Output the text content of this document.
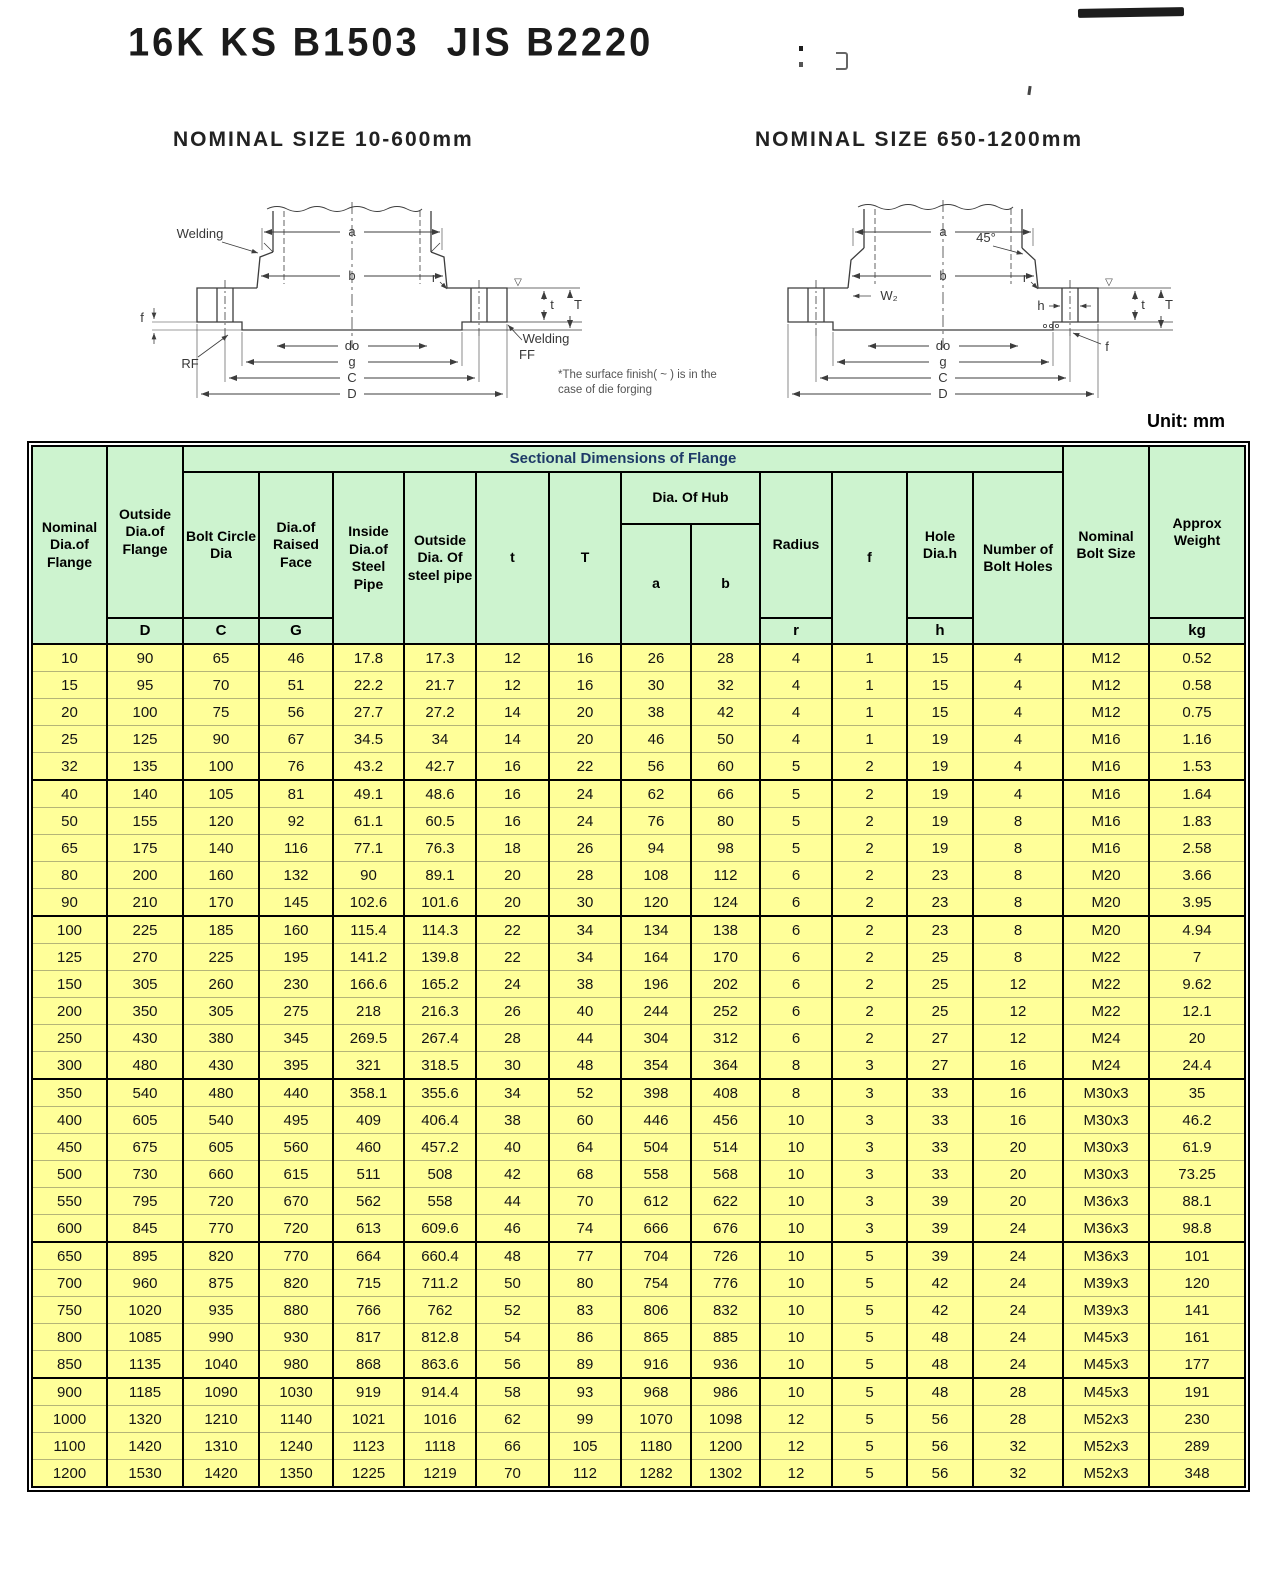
16K KS B1503  JIS B2220
NOMINAL SIZE 10-600mm	NOMINAL SIZE 650-1200mm
Welding	a
b
do
g
C
D
f
RF
r
t T
FF
Welding
▽
45°
a
b
W₂
h
do
g
C
D
f
r
t T
▽
*The surface finish( ~ ) is in the case of die forging
Unit: mm
Nominal Dia.of Flange	Outside Dia.of Flange	Sectional Dimensions of Flange												Nominal Bolt Size	Approx Weight
		Bolt Circle Dia	Dia.of Raised Face	Inside Dia.of Steel Pipe	Outside Dia. Of steel pipe	t	T	Dia. Of Hub		Radius	f	Hole Dia.h	Number of Bolt Holes		
								a	b						
	D	C	G							r		h			kg
10	90	65	46	17.8	17.3	12	16	26	28	4	1	15	4	M12	0.52
15	95	70	51	22.2	21.7	12	16	30	32	4	1	15	4	M12	0.58
20	100	75	56	27.7	27.2	14	20	38	42	4	1	15	4	M12	0.75
25	125	90	67	34.5	34	14	20	46	50	4	1	19	4	M16	1.16
32	135	100	76	43.2	42.7	16	22	56	60	5	2	19	4	M16	1.53
40	140	105	81	49.1	48.6	16	24	62	66	5	2	19	4	M16	1.64
50	155	120	92	61.1	60.5	16	24	76	80	5	2	19	8	M16	1.83
65	175	140	116	77.1	76.3	18	26	94	98	5	2	19	8	M16	2.58
80	200	160	132	90	89.1	20	28	108	112	6	2	23	8	M20	3.66
90	210	170	145	102.6	101.6	20	30	120	124	6	2	23	8	M20	3.95
100	225	185	160	115.4	114.3	22	34	134	138	6	2	23	8	M20	4.94
125	270	225	195	141.2	139.8	22	34	164	170	6	2	25	8	M22	7
150	305	260	230	166.6	165.2	24	38	196	202	6	2	25	12	M22	9.62
200	350	305	275	218	216.3	26	40	244	252	6	2	25	12	M22	12.1
250	430	380	345	269.5	267.4	28	44	304	312	6	2	27	12	M24	20
300	480	430	395	321	318.5	30	48	354	364	8	3	27	16	M24	24.4
350	540	480	440	358.1	355.6	34	52	398	408	8	3	33	16	M30x3	35
400	605	540	495	409	406.4	38	60	446	456	10	3	33	16	M30x3	46.2
450	675	605	560	460	457.2	40	64	504	514	10	3	33	20	M30x3	61.9
500	730	660	615	511	508	42	68	558	568	10	3	33	20	M30x3	73.25
550	795	720	670	562	558	44	70	612	622	10	3	39	20	M36x3	88.1
600	845	770	720	613	609.6	46	74	666	676	10	3	39	24	M36x3	98.8
650	895	820	770	664	660.4	48	77	704	726	10	5	39	24	M36x3	101
700	960	875	820	715	711.2	50	80	754	776	10	5	42	24	M39x3	120
750	1020	935	880	766	762	52	83	806	832	10	5	42	24	M39x3	141
800	1085	990	930	817	812.8	54	86	865	885	10	5	48	24	M45x3	161
850	1135	1040	980	868	863.6	56	89	916	936	10	5	48	24	M45x3	177
900	1185	1090	1030	919	914.4	58	93	968	986	10	5	48	28	M45x3	191
1000	1320	1210	1140	1021	1016	62	99	1070	1098	12	5	56	28	M52x3	230
1100	1420	1310	1240	1123	1118	66	105	1180	1200	12	5	56	32	M52x3	289
1200	1530	1420	1350	1225	1219	70	112	1282	1302	12	5	56	32	M52x3	348
